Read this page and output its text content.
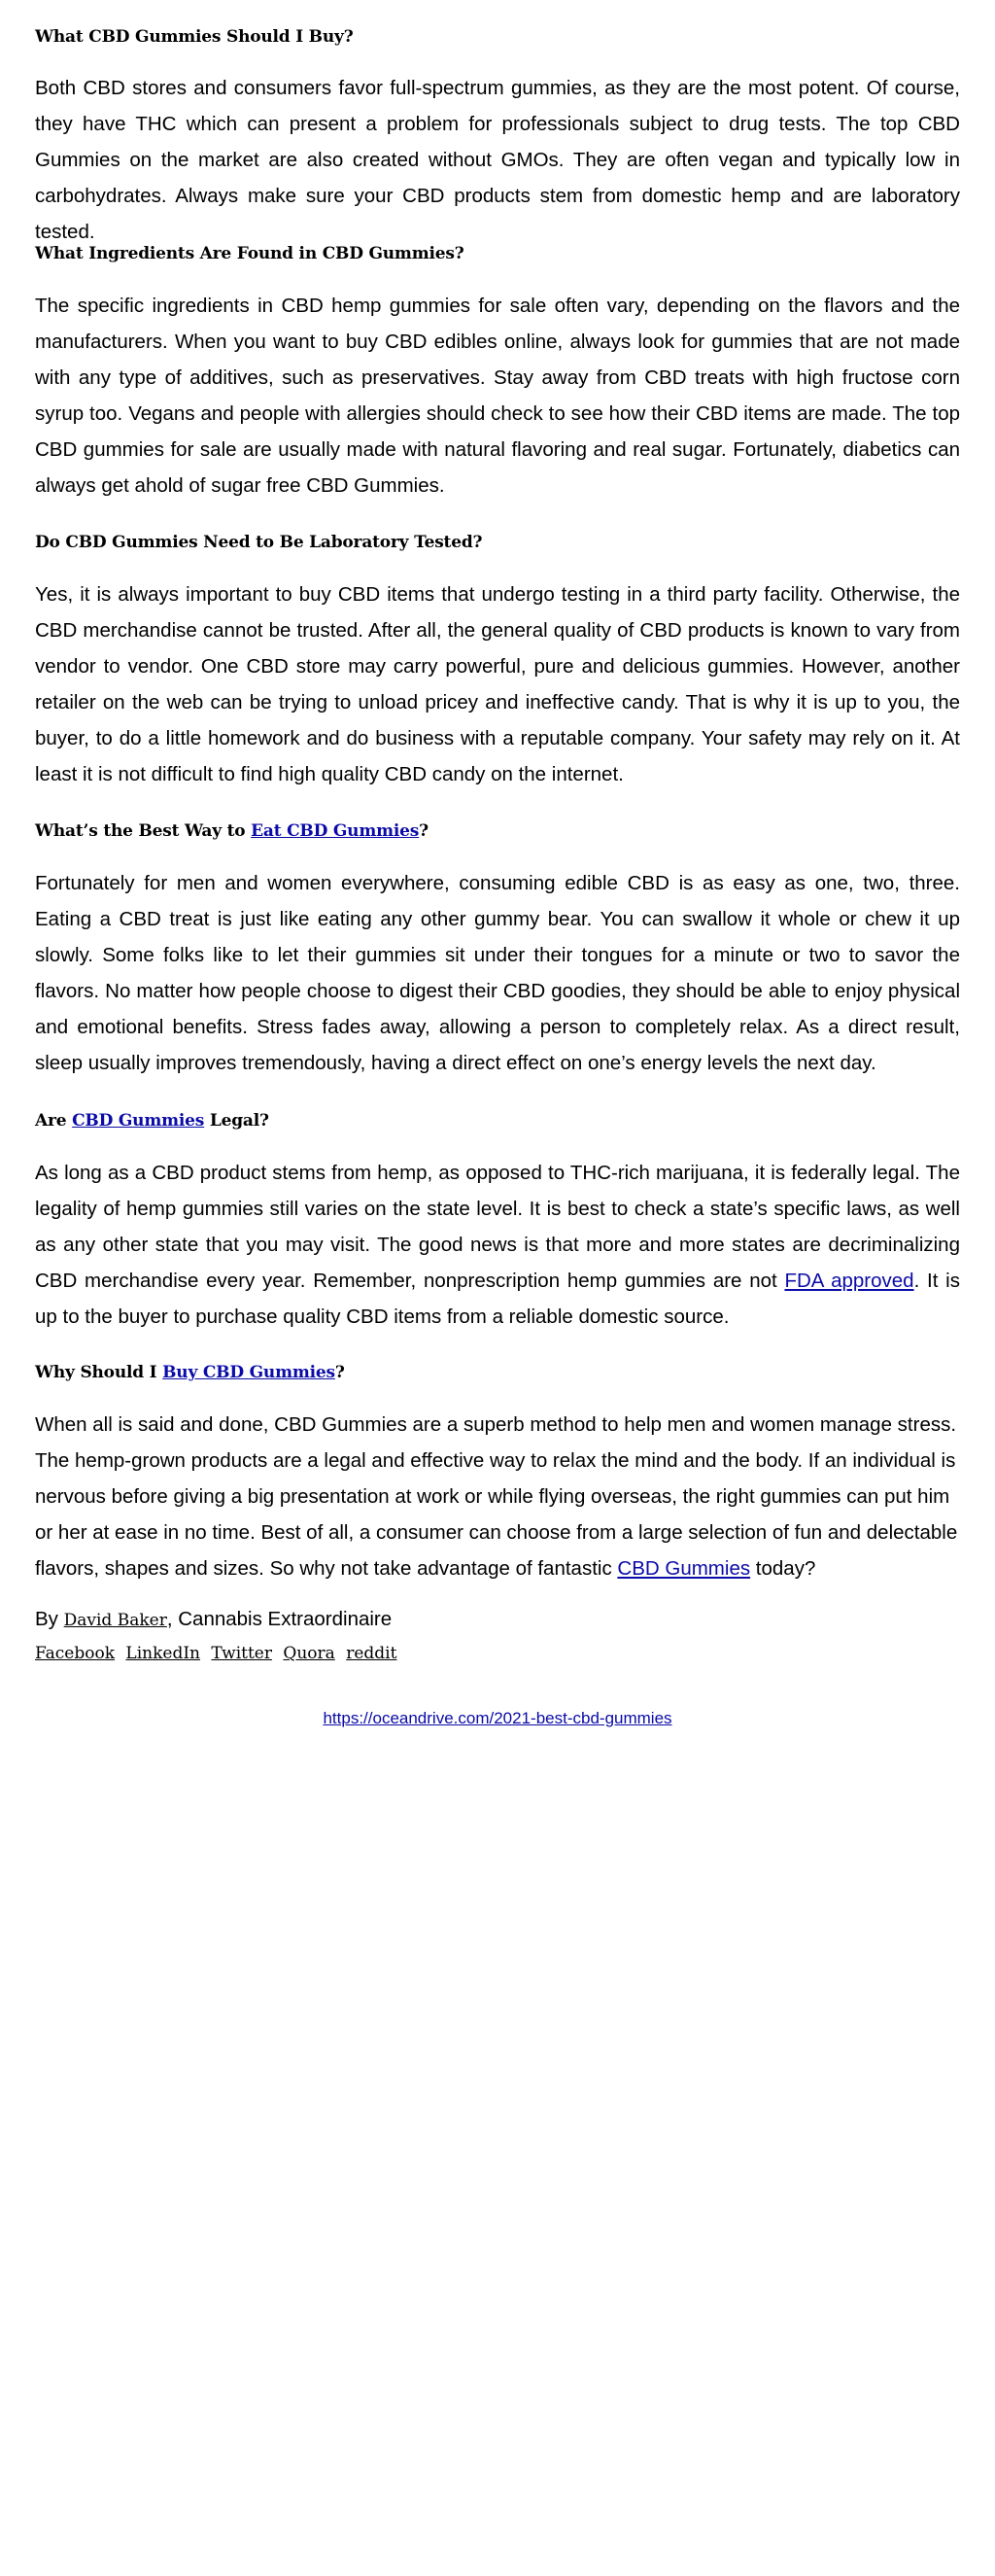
What CBD Gummies Should I Buy?

Both CBD stores and consumers favor full-spectrum gummies, as they are the most potent. Of course, they have THC which can present a problem for professionals subject to drug tests. The top CBD Gummies on the market are also created without GMOs. They are often vegan and typically low in carbohydrates. Always make sure your CBD products stem from domestic hemp and are laboratory tested.

What Ingredients Are Found in CBD Gummies?

The specific ingredients in CBD hemp gummies for sale often vary, depending on the flavors and the manufacturers. When you want to buy CBD edibles online, always look for gummies that are not made with any type of additives, such as preservatives. Stay away from CBD treats with high fructose corn syrup too. Vegans and people with allergies should check to see how their CBD items are made. The top CBD gummies for sale are usually made with natural flavoring and real sugar. Fortunately, diabetics can always get ahold of sugar free CBD Gummies.

Do CBD Gummies Need to Be Laboratory Tested?

Yes, it is always important to buy CBD items that undergo testing in a third party facility. Otherwise, the CBD merchandise cannot be trusted. After all, the general quality of CBD products is known to vary from vendor to vendor. One CBD store may carry powerful, pure and delicious gummies. However, another retailer on the web can be trying to unload pricey and ineffective candy. That is why it is up to you, the buyer, to do a little homework and do business with a reputable company. Your safety may rely on it. At least it is not difficult to find high quality CBD candy on the internet.

What’s the Best Way to Eat CBD Gummies?

Fortunately for men and women everywhere, consuming edible CBD is as easy as one, two, three. Eating a CBD treat is just like eating any other gummy bear. You can swallow it whole or chew it up slowly. Some folks like to let their gummies sit under their tongues for a minute or two to savor the flavors. No matter how people choose to digest their CBD goodies, they should be able to enjoy physical and emotional benefits. Stress fades away, allowing a person to completely relax. As a direct result, sleep usually improves tremendously, having a direct effect on one’s energy levels the next day.

Are CBD Gummies Legal?

As long as a CBD product stems from hemp, as opposed to THC-rich marijuana, it is federally legal. The legality of hemp gummies still varies on the state level. It is best to check a state’s specific laws, as well as any other state that you may visit. The good news is that more and more states are decriminalizing CBD merchandise every year. Remember, nonprescription hemp gummies are not FDA approved. It is up to the buyer to purchase quality CBD items from a reliable domestic source.

Why Should I Buy CBD Gummies?

When all is said and done, CBD Gummies are a superb method to help men and women manage stress. The hemp-grown products are a legal and effective way to relax the mind and the body. If an individual is nervous before giving a big presentation at work or while flying overseas, the right gummies can put him or her at ease in no time. Best of all, a consumer can choose from a large selection of fun and delectable flavors, shapes and sizes. So why not take advantage of fantastic CBD Gummies today?

By David Baker, Cannabis Extraordinaire

Facebook LinkedIn Twitter Quora reddit

https://oceandrive.com/2021-best-cbd-gummies
